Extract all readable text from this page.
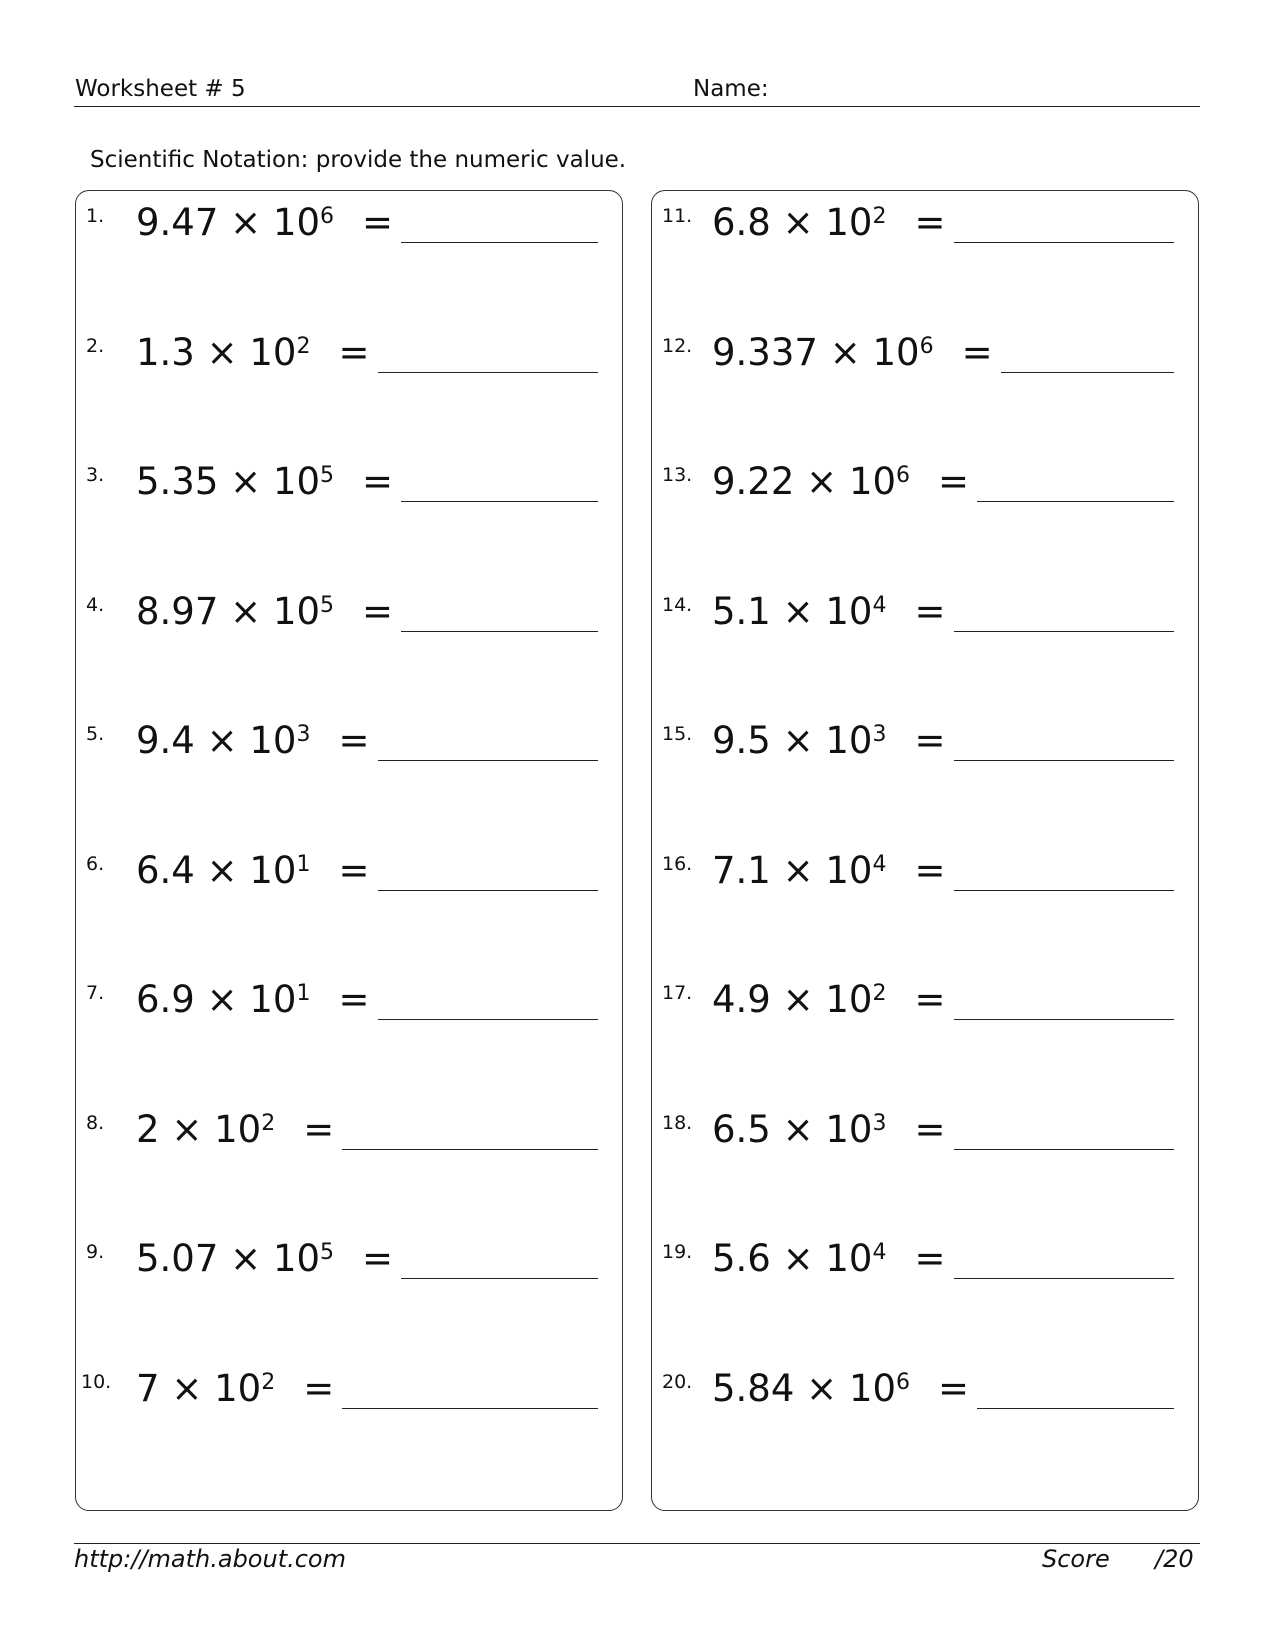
Worksheet # 5	Name:
Scientific Notation: provide the numeric value.
1. $9.47 \times 10^6$ =
2. $1.3 \times 10^2$ =
3. $5.35 \times 10^5$ =
4. $8.97 \times 10^5$ =
5. $9.4 \times 10^3$ =
6. $6.4 \times 10^1$ =
7. $6.9 \times 10^1$ =
8. $2 \times 10^2$ =
9. $5.07 \times 10^5$ =
10. $7 \times 10^2$ =
11. $6.8 \times 10^2$ =
12. $9.337 \times 10^6$ =
13. $9.22 \times 10^6$ =
14. $5.1 \times 10^4$ =
15. $9.5 \times 10^3$ =
16. $7.1 \times 10^4$ =
17. $4.9 \times 10^2$ =
18. $6.5 \times 10^3$ =
19. $5.6 \times 10^4$ =
20. $5.84 \times 10^6$ =
http://math.about.com	Score /20
